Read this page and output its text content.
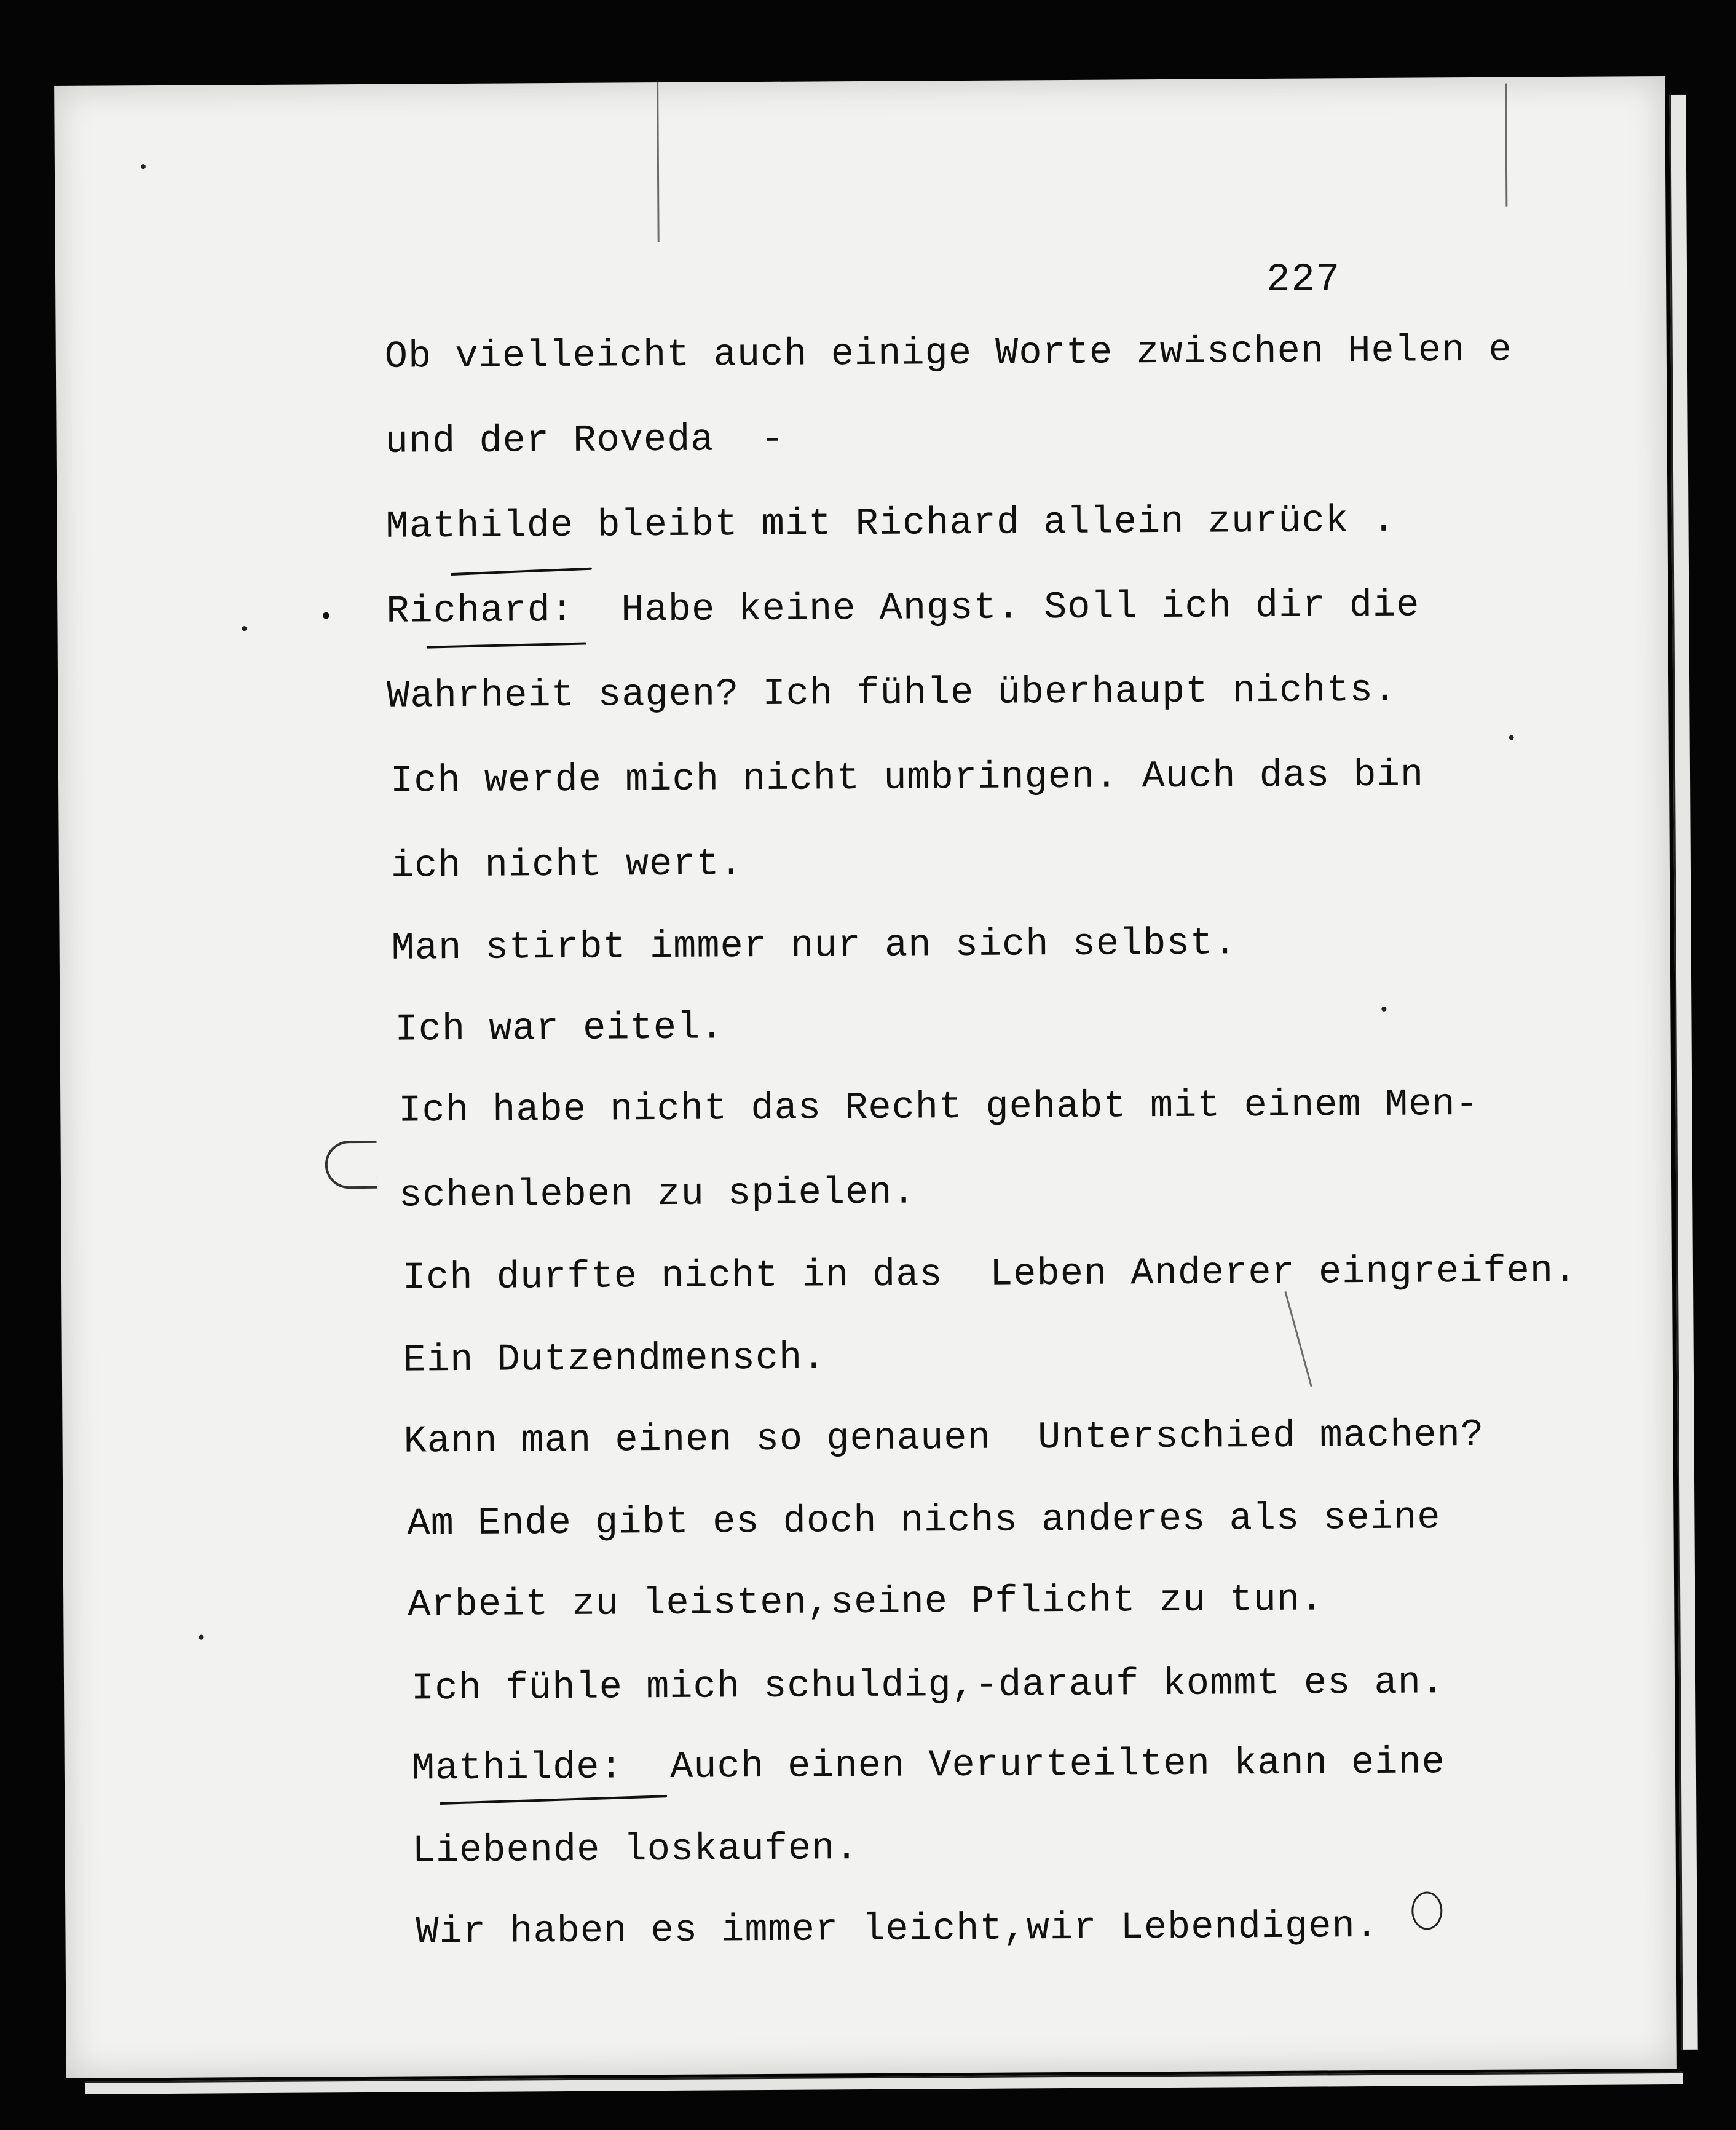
227
Ob vielleicht auch einige Worte zwischen Helen e
und der Roveda  -
•
Mathilde bleibt mit Richard allein zurück .
Richard:  Habe keine Angst. Soll ich dir die
Wahrheit sagen? Ich fühle überhaupt nichts.
Ich werde mich nicht umbringen. Auch das bin
ich nicht wert.
Man stirbt immer nur an sich selbst.
Ich war eitel.
Ich habe nicht das Recht gehabt mit einem Men-
schenleben zu spielen.
Ich durfte nicht in das  Leben Anderer eingreifen.
Ein Dutzendmensch.
Kann man einen so genauen  Unterschied machen?
Am Ende gibt es doch nichs anderes als seine
Arbeit zu leisten,seine Pflicht zu tun.
Ich fühle mich schuldig,-darauf kommt es an.
Mathilde:  Auch einen Verurteilten kann eine
Liebende loskaufen.
Wir haben es immer leicht,wir Lebendigen.
